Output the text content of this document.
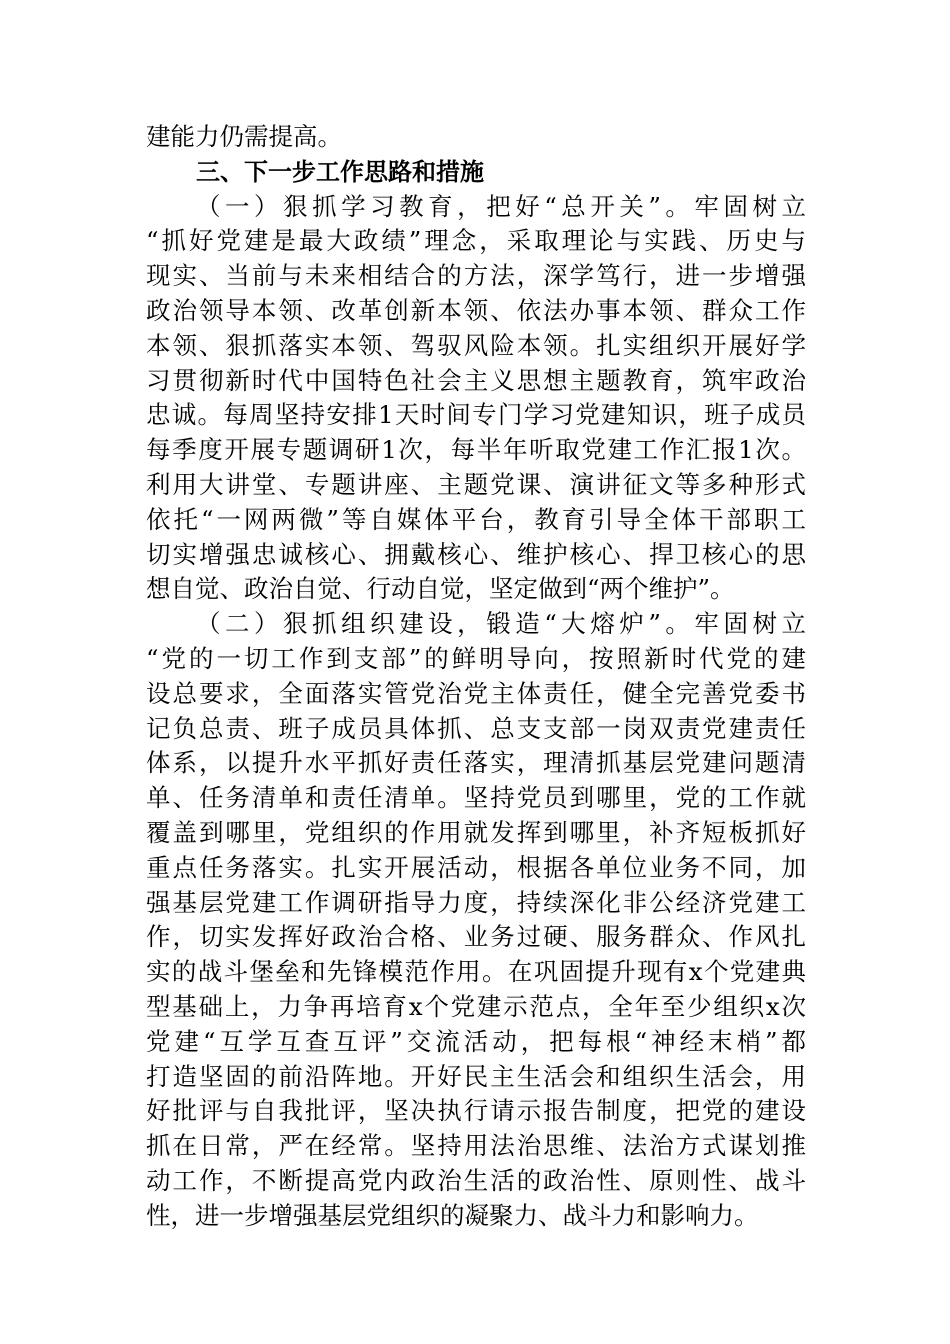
建能力仍需提高。
三、下一步工作思路和措施
（一）狠抓学习教育，把好“总开关”。牢固树立
“抓好党建是最大政绩”理念，采取理论与实践、历史与
现实、当前与未来相结合的方法，深学笃行，进一步增强
政治领导本领、改革创新本领、依法办事本领、群众工作
本领、狠抓落实本领、驾驭风险本领。扎实组织开展好学
习贯彻新时代中国特色社会主义思想主题教育，筑牢政治
忠诚。每周坚持安排1天时间专门学习党建知识，班子成员
每季度开展专题调研1次，每半年听取党建工作汇报1次。
利用大讲堂、专题讲座、主题党课、演讲征文等多种形式
依托“一网两微”等自媒体平台，教育引导全体干部职工
切实增强忠诚核心、拥戴核心、维护核心、捍卫核心的思
想自觉、政治自觉、行动自觉，坚定做到“两个维护”。
（二）狠抓组织建设，锻造“大熔炉”。牢固树立
“党的一切工作到支部”的鲜明导向，按照新时代党的建
设总要求，全面落实管党治党主体责任，健全完善党委书
记负总责、班子成员具体抓、总支支部一岗双责党建责任
体系，以提升水平抓好责任落实，理清抓基层党建问题清
单、任务清单和责任清单。坚持党员到哪里，党的工作就
覆盖到哪里，党组织的作用就发挥到哪里，补齐短板抓好
重点任务落实。扎实开展活动，根据各单位业务不同，加
强基层党建工作调研指导力度，持续深化非公经济党建工
作，切实发挥好政治合格、业务过硬、服务群众、作风扎
实的战斗堡垒和先锋模范作用。在巩固提升现有x个党建典
型基础上，力争再培育x个党建示范点，全年至少组织x次
党建“互学互查互评”交流活动，把每根“神经末梢”都
打造坚固的前沿阵地。开好民主生活会和组织生活会，用
好批评与自我批评，坚决执行请示报告制度，把党的建设
抓在日常，严在经常。坚持用法治思维、法治方式谋划推
动工作，不断提高党内政治生活的政治性、原则性、战斗
性，进一步增强基层党组织的凝聚力、战斗力和影响力。
